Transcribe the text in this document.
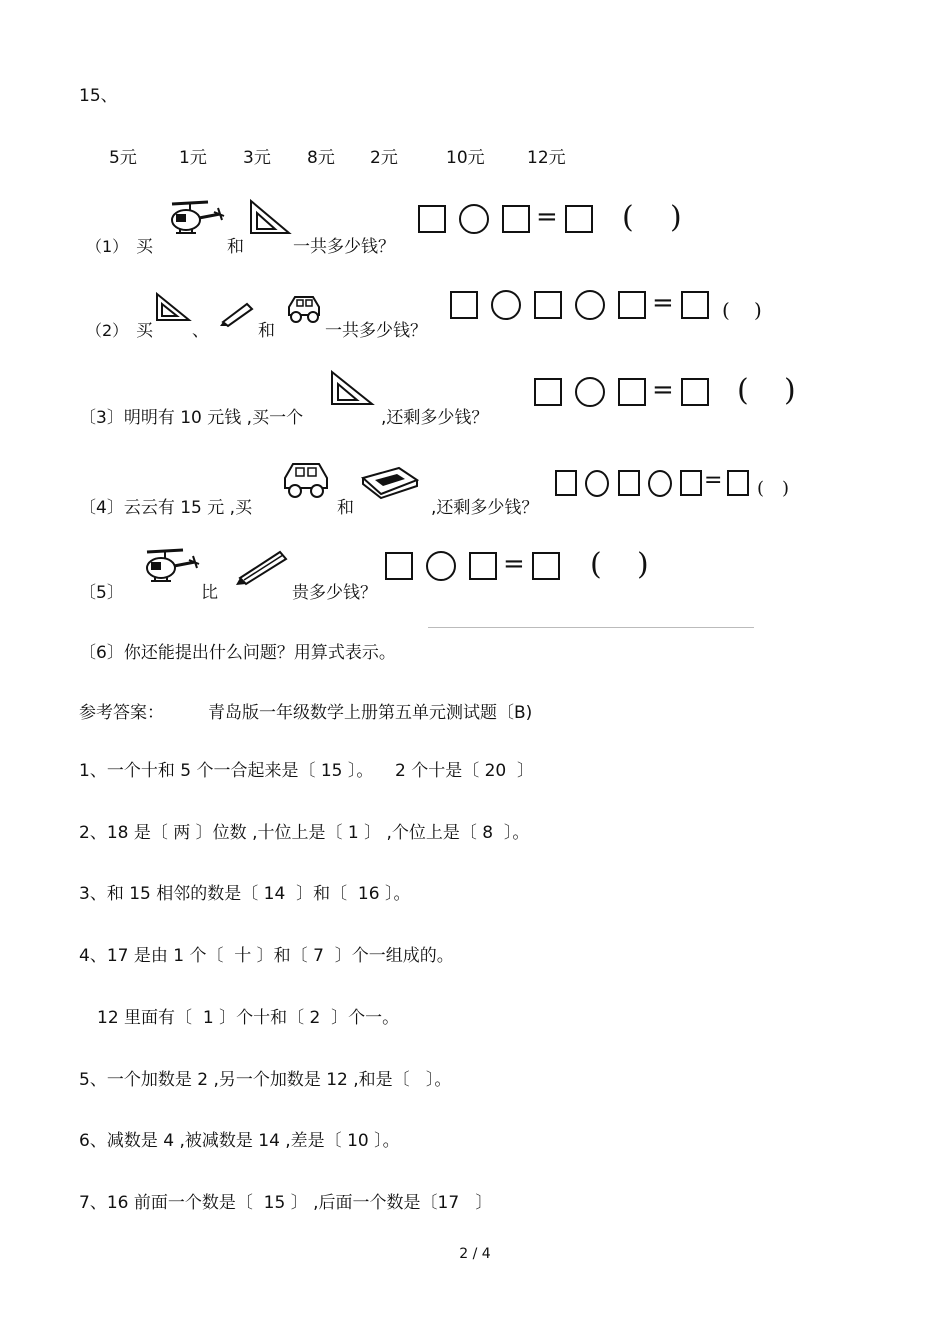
15、
5元 1元 3元 8元 2元	10元 12元
（1） 买	和	一共多少钱？
= ( )
（2） 买 、	和	一共多少钱？
= ( )
〔3〕明明有 10 元钱 ,买一个	,还剩多少钱？
= ( )
〔4〕云云有 15 元 ,买	和	,还剩多少钱？
= ( )
〔5〕	比	贵多少钱？
= ( )
〔6〕你还能提出什么问题？用算式表示。
参考答案：	青岛版一年级数学上册第五单元测试题〔B)
1、一个十和 5 个一合起来是〔 15 〕。    2 个十是〔 20  〕
2、18 是〔 两 〕位数 ,十位上是〔 1 〕 ,个位上是〔 8  〕。
3、和 15 相邻的数是〔 14  〕和〔  16 〕。
4、17 是由 1 个〔  十 〕和〔 7  〕个一组成的。
12 里面有〔  1 〕个十和〔 2  〕个一。
5、一个加数是 2 ,另一个加数是 12 ,和是〔   〕。
6、减数是 4 ,被减数是 14 ,差是〔 10 〕。
7、16 前面一个数是〔  15 〕 ,后面一个数是〔17   〕
2 / 4
